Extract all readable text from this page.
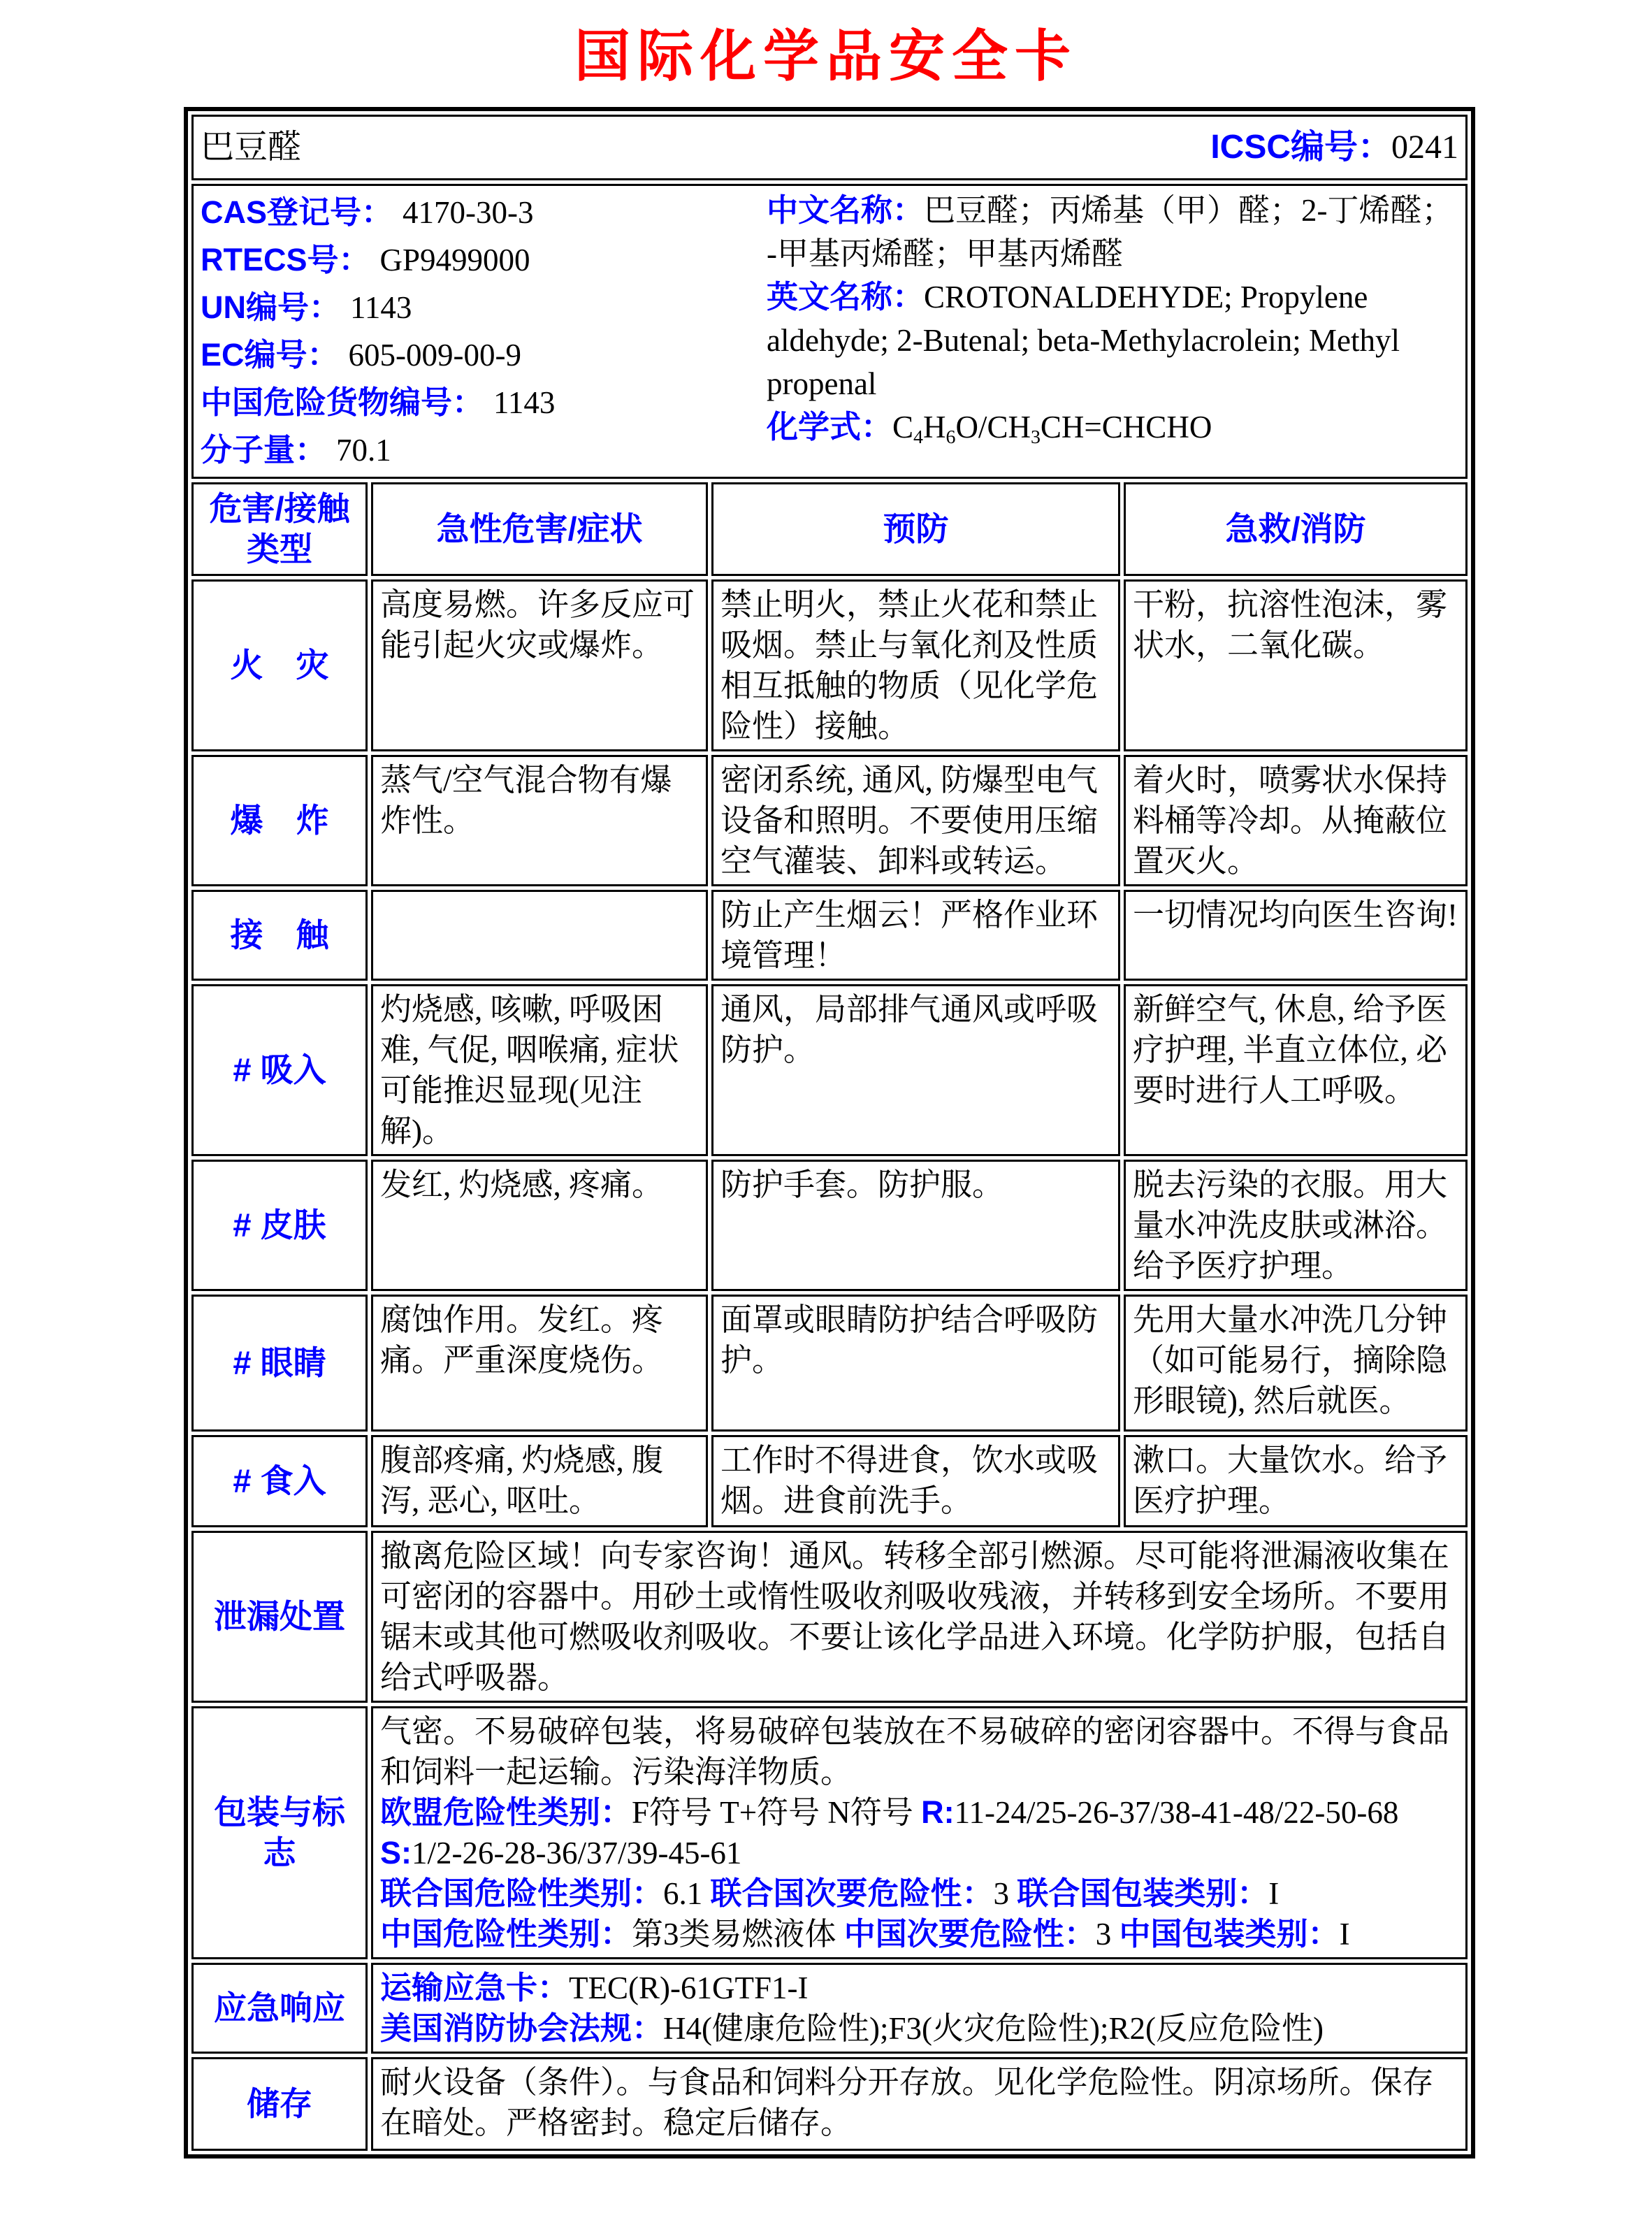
国际化学品安全卡
巴豆醛 ICSC编号：0241			

CAS登记号： 4170-30-3
RTECS号： GP9499000
UN编号： 1143
EC编号： 605-009-00-9
中国危险货物编号： 1143
分子量： 70.1

中文名称：巴豆醛；丙烯基（甲）醛；2-丁烯醛； -甲基丙烯醛；甲基丙烯醛

英文名称：CROTONALDEHYDE; Propylene aldehyde; 2-Butenal; beta-Methylacrolein; Methyl propenal

化学式：$C_4H_6O/CH_3CH=CHCHO$

危害/接触 类型	急性危害/症状	预防	急救/消防
火　灾	高度易燃。许多反应可能引起火灾或爆炸。	禁止明火，禁止火花和禁止吸烟。禁止与氧化剂及性质相互抵触的物质（见化学危险性）接触。	干粉，抗溶性泡沫，雾状水，二氧化碳。
爆　炸	蒸气/空气混合物有爆炸性。	密闭系统, 通风, 防爆型电气设备和照明。不要使用压缩空气灌装、卸料或转运。	着火时，喷雾状水保持料桶等冷却。从掩蔽位置灭火。
接　触		防止产生烟云！严格作业环境管理！	一切情况均向医生咨询!
# 吸入	灼烧感, 咳嗽, 呼吸困难, 气促, 咽喉痛, 症状可能推迟显现(见注解)。	通风，局部排气通风或呼吸防护。	新鲜空气, 休息, 给予医疗护理, 半直立体位, 必要时进行人工呼吸。
# 皮肤	发红, 灼烧感, 疼痛。	防护手套。防护服。	脱去污染的衣服。用大量水冲洗皮肤或淋浴。给予医疗护理。
# 眼睛	腐蚀作用。发红。疼痛。严重深度烧伤。	面罩或眼睛防护结合呼吸防护。	先用大量水冲洗几分钟（如可能易行，摘除隐形眼镜), 然后就医。
# 食入	腹部疼痛, 灼烧感, 腹泻, 恶心, 呕吐。	工作时不得进食，饮水或吸烟。进食前洗手。	漱口。大量饮水。给予医疗护理。
泄漏处置	撤离危险区域！向专家咨询！通风。转移全部引燃源。尽可能将泄漏液收集在可密闭的容器中。用砂土或惰性吸收剂吸收残液，并转移到安全场所。不要用锯末或其他可燃吸收剂吸收。不要让该化学品进入环境。化学防护服，包括自给式呼吸器。		
包装与标志	气密。不易破碎包装，将易破碎包装放在不易破碎的密闭容器中。不得与食品和饲料一起运输。污染海洋物质。

欧盟危险性类别：F符号 T+符号 N符号 R:11-24/25-26-37/38-41-48/22-50-68 S:1/2-26-28-36/37/39-45-61

联合国危险性类别：6.1 联合国次要危险性：3 联合国包装类别：I

中国危险性类别：第3类易燃液体 中国次要危险性：3 中国包装类别：I		

应急响应	运输应急卡：TEC(R)-61GTF1-I

美国消防协会法规：H4(健康危险性);F3(火灾危险性);R2(反应危险性)		

储存	耐火设备（条件）。与食品和饲料分开存放。见化学危险性。阴凉场所。保存在暗处。严格密封。稳定后储存。		
